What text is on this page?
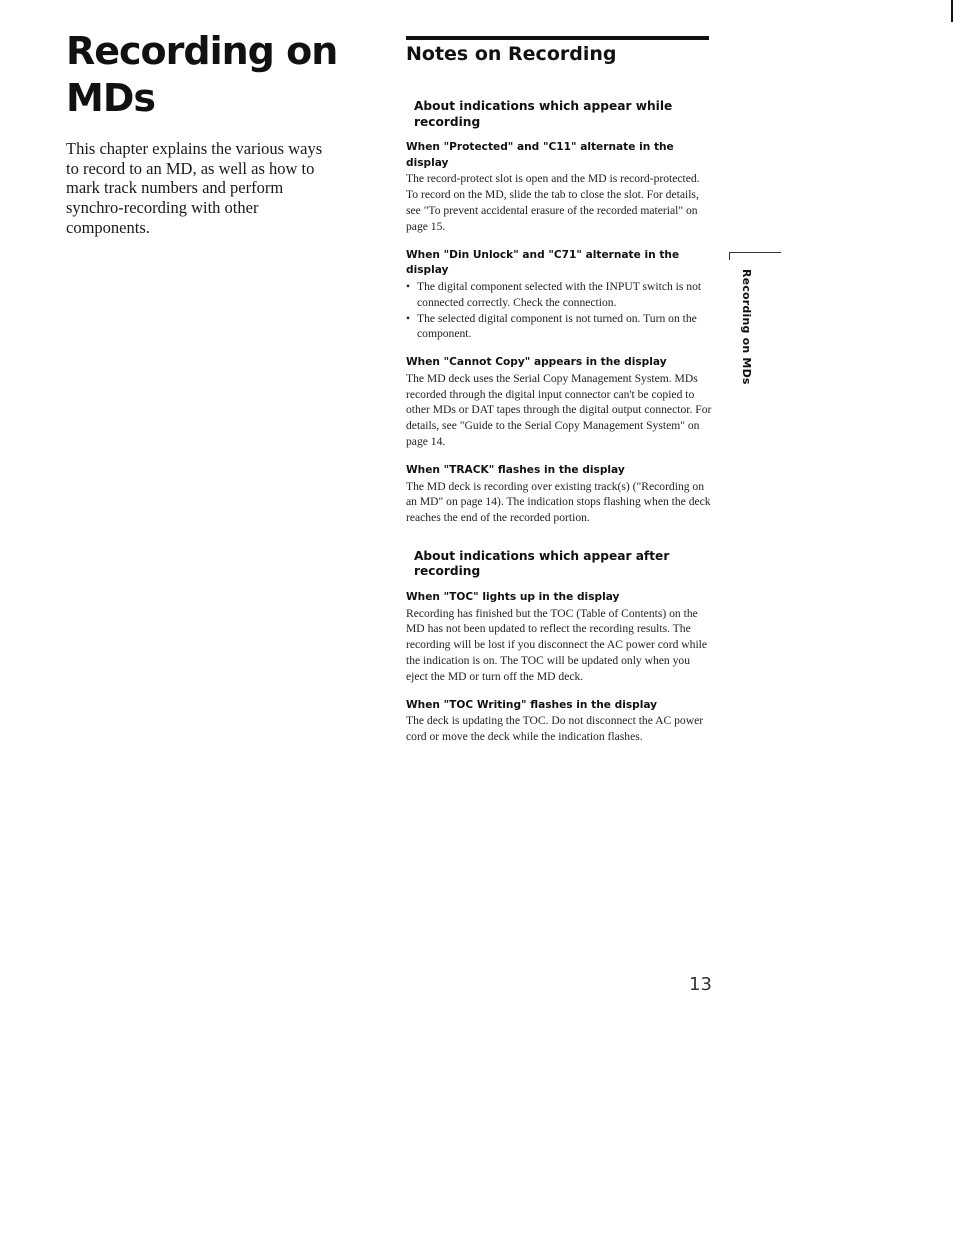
Recording on MDs

This chapter explains the various ways to record to an MD, as well as how to mark track numbers and perform synchro-recording with other components.

Notes on Recording
About indications which appear while recording
When "Protected" and "C11" alternate in the display

The record-protect slot is open and the MD is record-protected. To record on the MD, slide the tab to close the slot. For details, see "To prevent accidental erasure of the recorded material" on page 15.

When "Din Unlock" and "C71" alternate in the display
• The digital component selected with the INPUT switch is not connected correctly. Check the connection.
• The selected digital component is not turned on. Turn on the component.
When "Cannot Copy" appears in the display

The MD deck uses the Serial Copy Management System. MDs recorded through the digital input connector can't be copied to other MDs or DAT tapes through the digital output connector. For details, see "Guide to the Serial Copy Management System" on page 14.

When "TRACK" flashes in the display

The MD deck is recording over existing track(s) ("Recording on an MD" on page 14). The indication stops flashing when the deck reaches the end of the recorded portion.

About indications which appear after recording
When "TOC" lights up in the display

Recording has finished but the TOC (Table of Contents) on the MD has not been updated to reflect the recording results. The recording will be lost if you disconnect the AC power cord while the indication is on. The TOC will be updated only when you eject the MD or turn off the MD deck.

When "TOC Writing" flashes in the display

The deck is updating the TOC. Do not disconnect the AC power cord or move the deck while the indication flashes.

Recording on MDs
13
